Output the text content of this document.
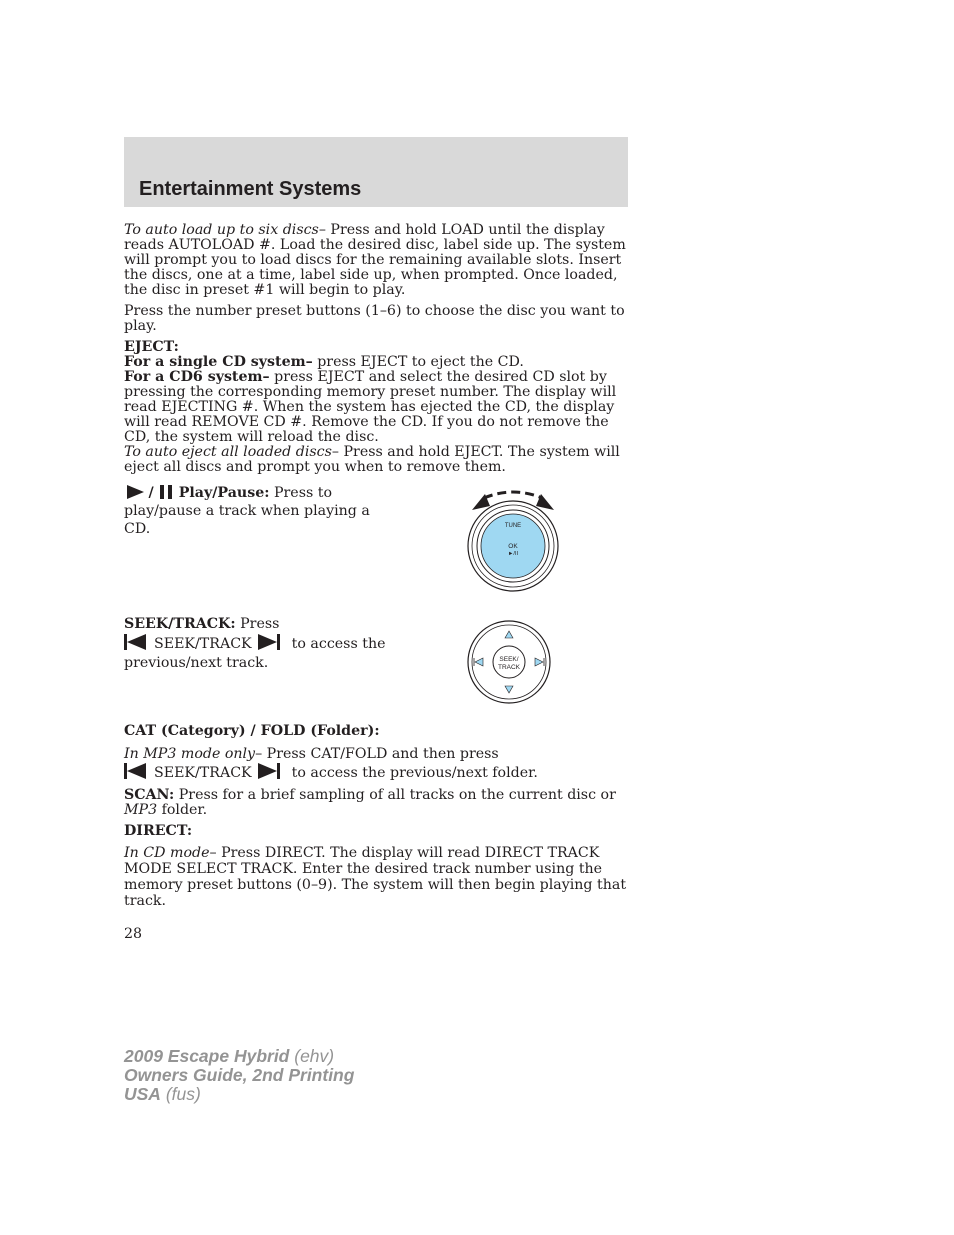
Entertainment Systems

To auto load up to six discs– Press and hold LOAD until the display reads AUTOLOAD #. Load the desired disc, label side up. The system will prompt you to load discs for the remaining available slots. Insert the discs, one at a time, label side up, when prompted. Once loaded, the disc in preset #1 will begin to play.

Press the number preset buttons (1–6) to choose the disc you want to play.

EJECT:

For a single CD system– press EJECT to eject the CD.

For a CD6 system– press EJECT and select the desired CD slot by pressing the corresponding memory preset number. The display will read EJECTING #. When the system has ejected the CD, the display will read REMOVE CD #. Remove the CD. If you do not remove the CD, the system will reload the disc.

To auto eject all loaded discs– Press and hold EJECT. The system will eject all discs and prompt you when to remove them.

/ Play/Pause: Press to

play/pause a track when playing a

CD.	TUNE
OK
►/II

SEEK/TRACK: Press

SEEK/TRACK	to access the

previous/next track.	SEEK/
TRACK

CAT (Category) / FOLD (Folder):

In MP3 mode only– Press CAT/FOLD and then press

SEEK/TRACK	to access the previous/next folder.

SCAN: Press for a brief sampling of all tracks on the current disc or MP3 folder.

DIRECT:

In CD mode– Press DIRECT. The display will read DIRECT TRACK MODE SELECT TRACK. Enter the desired track number using the memory preset buttons (0–9). The system will then begin playing that track.

28
2009 Escape Hybrid (ehv)
Owners Guide, 2nd Printing
USA (fus)
